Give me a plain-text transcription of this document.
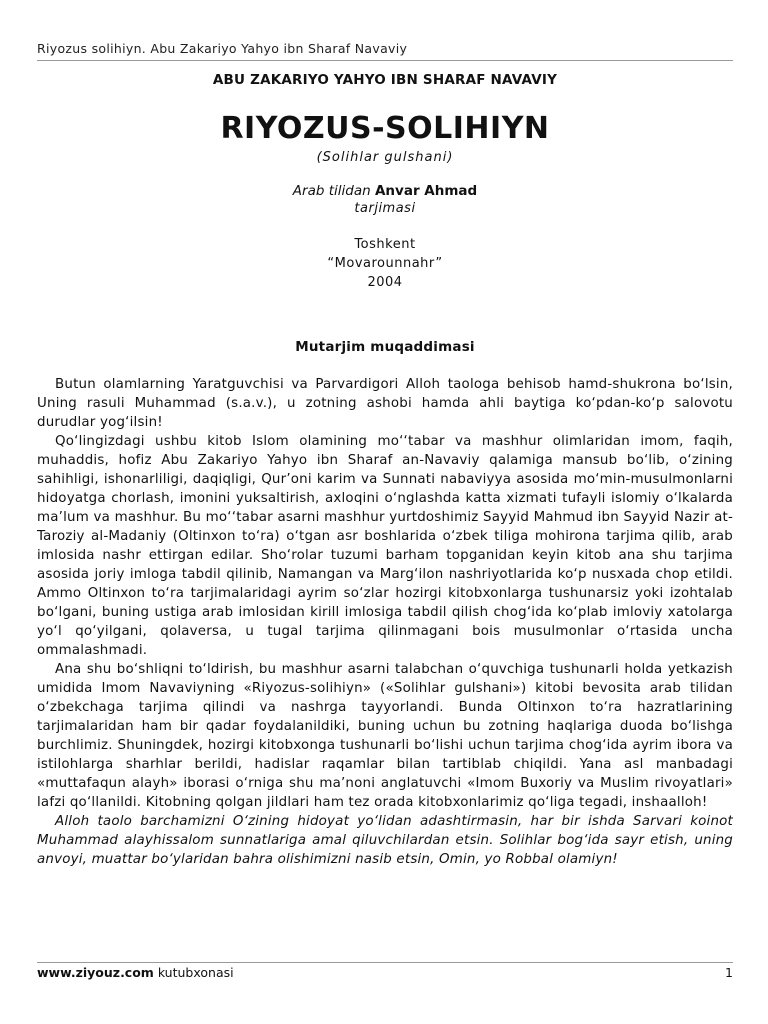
Riyozus solihiyn. Abu Zakariyo Yahyo ibn Sharaf Navaviy
ABU ZAKARIYO YAHYO IBN SHARAF NAVAVIY
RIYOZUS-SOLIHIYN
(Solihlar gulshani)
Arab tilidan Anvar Ahmad
tarjimasi
Toshkent
“Movarounnahr”
2004
Mutarjim muqaddimasi

Butun olamlarning Yaratguvchisi va Parvardigori Alloh taologa behisob hamd-shukrona bo‘lsin, Uning rasuli Muhammad (s.a.v.), u zotning ashobi hamda ahli baytiga ko‘pdan-ko‘p salovotu durudlar yog‘ilsin!

Qo‘lingizdagi ushbu kitob Islom olamining mo‘‘tabar va mashhur olimlaridan imom, faqih, muhaddis, hofiz Abu Zakariyo Yahyo ibn Sharaf an-Navaviy qalamiga mansub bo‘lib, o‘zining sahihligi, ishonarliligi, daqiqligi, Qur’oni karim va Sunnati nabaviyya asosida mo‘min-musulmonlarni hidoyatga chorlash, imonini yuksaltirish, axloqini o‘nglashda katta xizmati tufayli islomiy o‘lkalarda ma’lum va mashhur. Bu mo‘‘tabar asarni mashhur yurtdoshimiz Sayyid Mahmud ibn Sayyid Nazir at-Taroziy al-Madaniy (Oltinxon to‘ra) o‘tgan asr boshlarida o‘zbek tiliga mohirona tarjima qilib, arab imlosida nashr ettirgan edilar. Sho‘rolar tuzumi barham topganidan keyin kitob ana shu tarjima asosida joriy imloga tabdil qilinib, Namangan va Marg‘ilon nashriyotlarida ko‘p nusxada chop etildi. Ammo Oltinxon to‘ra tarjimalaridagi ayrim so‘zlar hozirgi kitobxonlarga tushunarsiz yoki izohtalab bo‘lgani, buning ustiga arab imlosidan kirill imlosiga tabdil qilish chog‘ida ko‘plab imloviy xatolarga yo‘l qo‘yilgani, qolaversa, u tugal tarjima qilinmagani bois musulmonlar o‘rtasida uncha ommalashmadi.

Ana shu bo‘shliqni to‘ldirish, bu mashhur asarni talabchan o‘quvchiga tushunarli holda yetkazish umidida Imom Navaviyning «Riyozus-solihiyn» («Solihlar gulshani») kitobi bevosita arab tilidan o‘zbekchaga tarjima qilindi va nashrga tayyorlandi. Bunda Oltinxon to‘ra hazratlarining tarjimalaridan ham bir qadar foydalanildiki, buning uchun bu zotning haqlariga duoda bo‘lishga burchlimiz. Shuningdek, hozirgi kitobxonga tushunarli bo‘lishi uchun tarjima chog‘ida ayrim ibora va istilohlarga sharhlar berildi, hadislar raqamlar bilan tartiblab chiqildi. Yana asl manbadagi «muttafaqun alayh» iborasi o‘rniga shu ma’noni anglatuvchi «Imom Buxoriy va Muslim rivoyatlari» lafzi qo‘llanildi. Kitobning qolgan jildlari ham tez orada kitobxonlarimiz qo‘liga tegadi, inshaalloh!

Alloh taolo barchamizni O‘zining hidoyat yo‘lidan adashtirmasin, har bir ishda Sarvari koinot Muhammad alayhissalom sunnatlariga amal qiluvchilardan etsin. Solihlar bog‘ida sayr etish, uning anvoyi, muattar bo‘ylaridan bahra olishimizni nasib etsin, Omin, yo Robbal olamiyn!

www.ziyouz.com kutubxonasi	1
